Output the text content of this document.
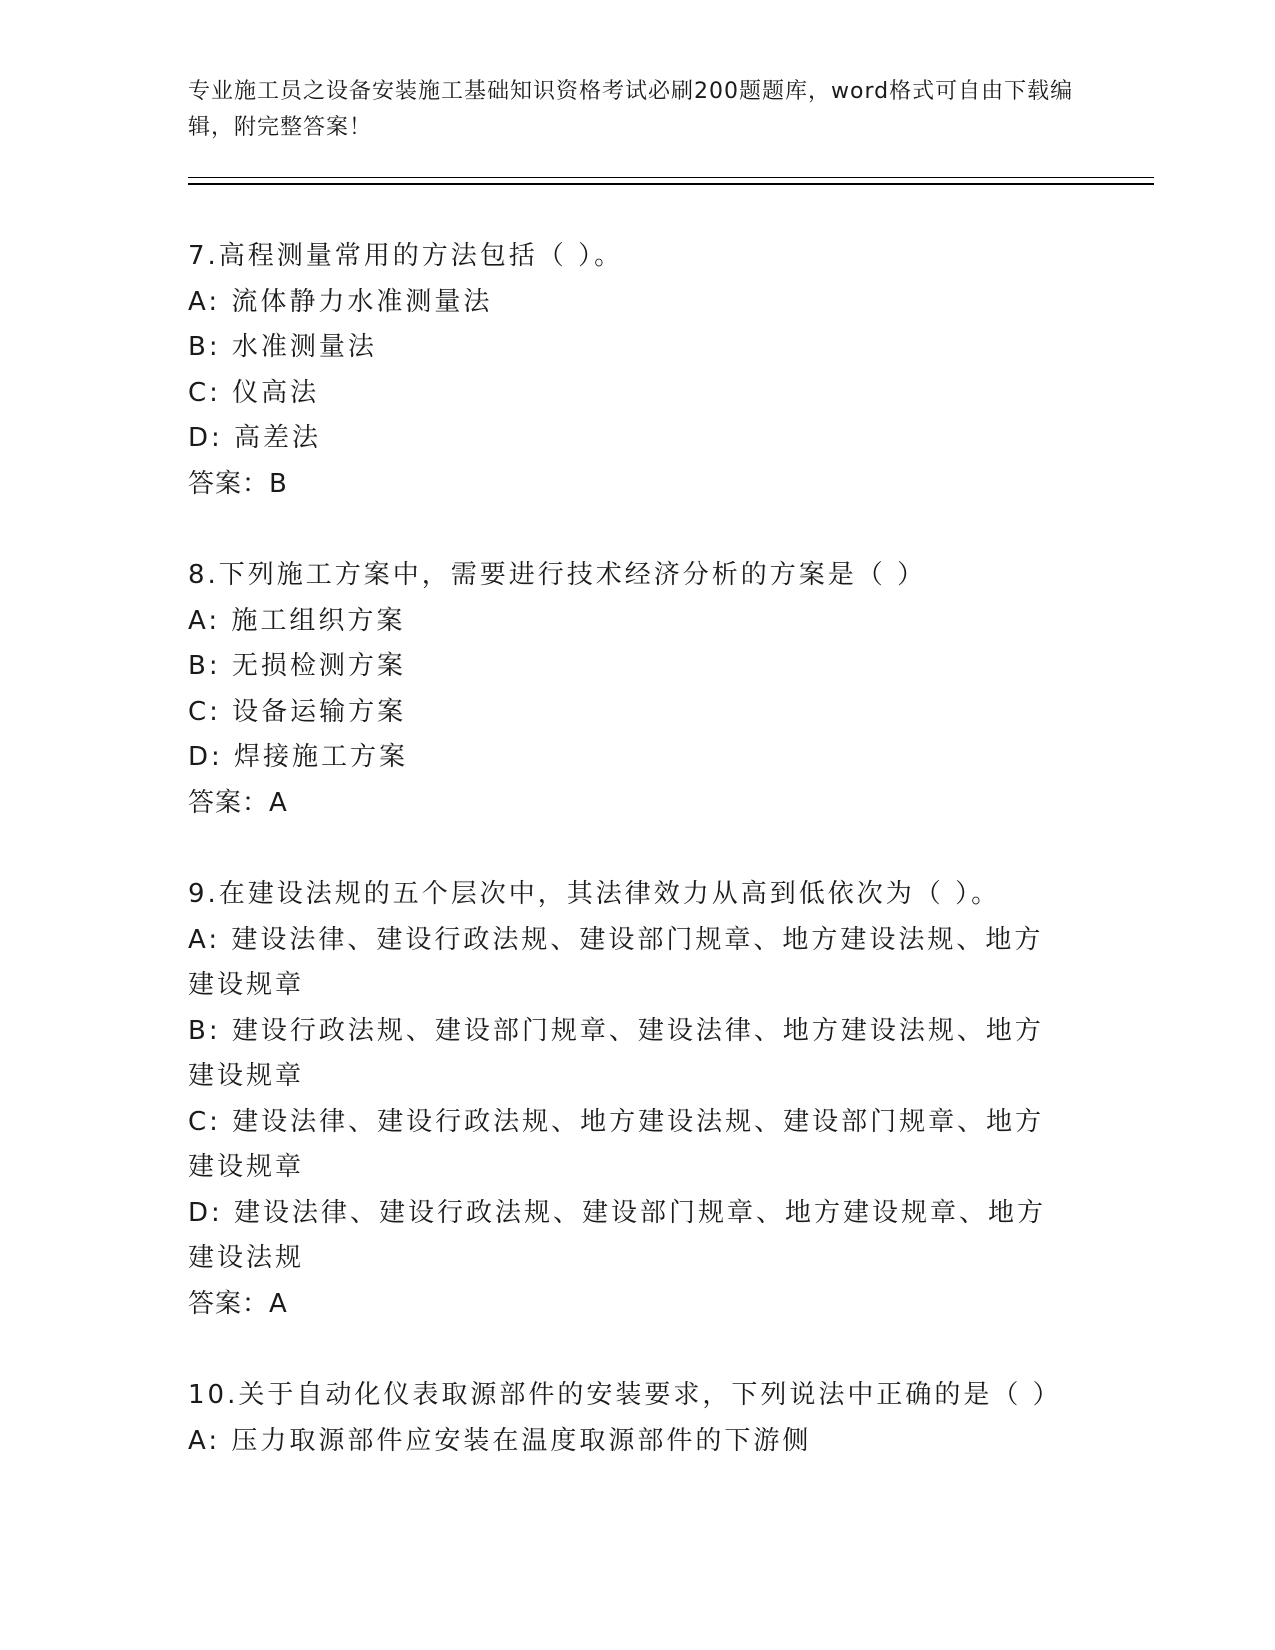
专业施工员之设备安装施工基础知识资格考试必刷200题题库，word格式可自由下载编辑，附完整答案！
7.高程测量常用的方法包括（ ）。
A: 流体静力水准测量法
B: 水准测量法
C: 仪高法
D: 高差法
答案：B
8.下列施工方案中，需要进行技术经济分析的方案是（ ）
A: 施工组织方案
B: 无损检测方案
C: 设备运输方案
D: 焊接施工方案
答案：A
9.在建设法规的五个层次中，其法律效力从高到低依次为（ ）。
A: 建设法律、建设行政法规、建设部门规章、地方建设法规、地方建设规章
B: 建设行政法规、建设部门规章、建设法律、地方建设法规、地方建设规章
C: 建设法律、建设行政法规、地方建设法规、建设部门规章、地方建设规章
D: 建设法律、建设行政法规、建设部门规章、地方建设规章、地方建设法规
答案：A
10.关于自动化仪表取源部件的安装要求，下列说法中正确的是（ ）
A: 压力取源部件应安装在温度取源部件的下游侧
